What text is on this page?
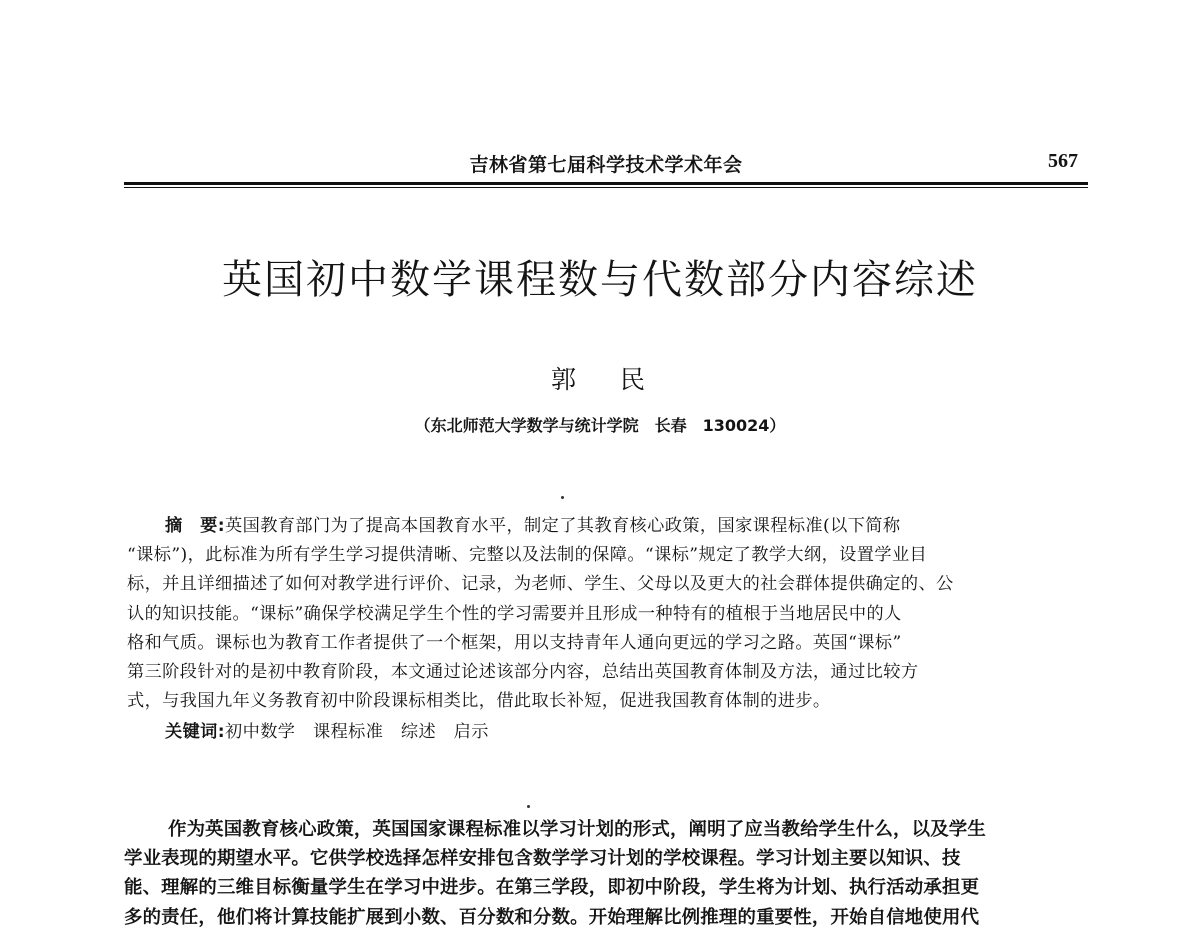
吉林省第七届科学技术学术年会	567
英国初中数学课程数与代数部分内容综述
郭 民
（东北师范大学数学与统计学院　长春　130024）
摘　要:英国教育部门为了提高本国教育水平，制定了其教育核心政策，国家课程标准(以下简称
“课标”)，此标准为所有学生学习提供清晰、完整以及法制的保障。“课标”规定了教学大纲，设置学业目
标，并且详细描述了如何对教学进行评价、记录，为老师、学生、父母以及更大的社会群体提供确定的、公
认的知识技能。“课标”确保学校满足学生个性的学习需要并且形成一种特有的植根于当地居民中的人
格和气质。课标也为教育工作者提供了一个框架，用以支持青年人通向更远的学习之路。英国“课标”
第三阶段针对的是初中教育阶段，本文通过论述该部分内容，总结出英国教育体制及方法，通过比较方
式，与我国九年义务教育初中阶段课标相类比，借此取长补短，促进我国教育体制的进步。
关键词:初中数学　课程标准　综述　启示
作为英国教育核心政策，英国国家课程标准以学习计划的形式，阐明了应当教给学生什么，以及学生
学业表现的期望水平。它供学校选择怎样安排包含数学学习计划的学校课程。学习计划主要以知识、技
能、理解的三维目标衡量学生在学习中进步。在第三学段，即初中阶段，学生将为计划、执行活动承担更
多的责任，他们将计算技能扩展到小数、百分数和分数。开始理解比例推理的重要性，开始自信地使用代
